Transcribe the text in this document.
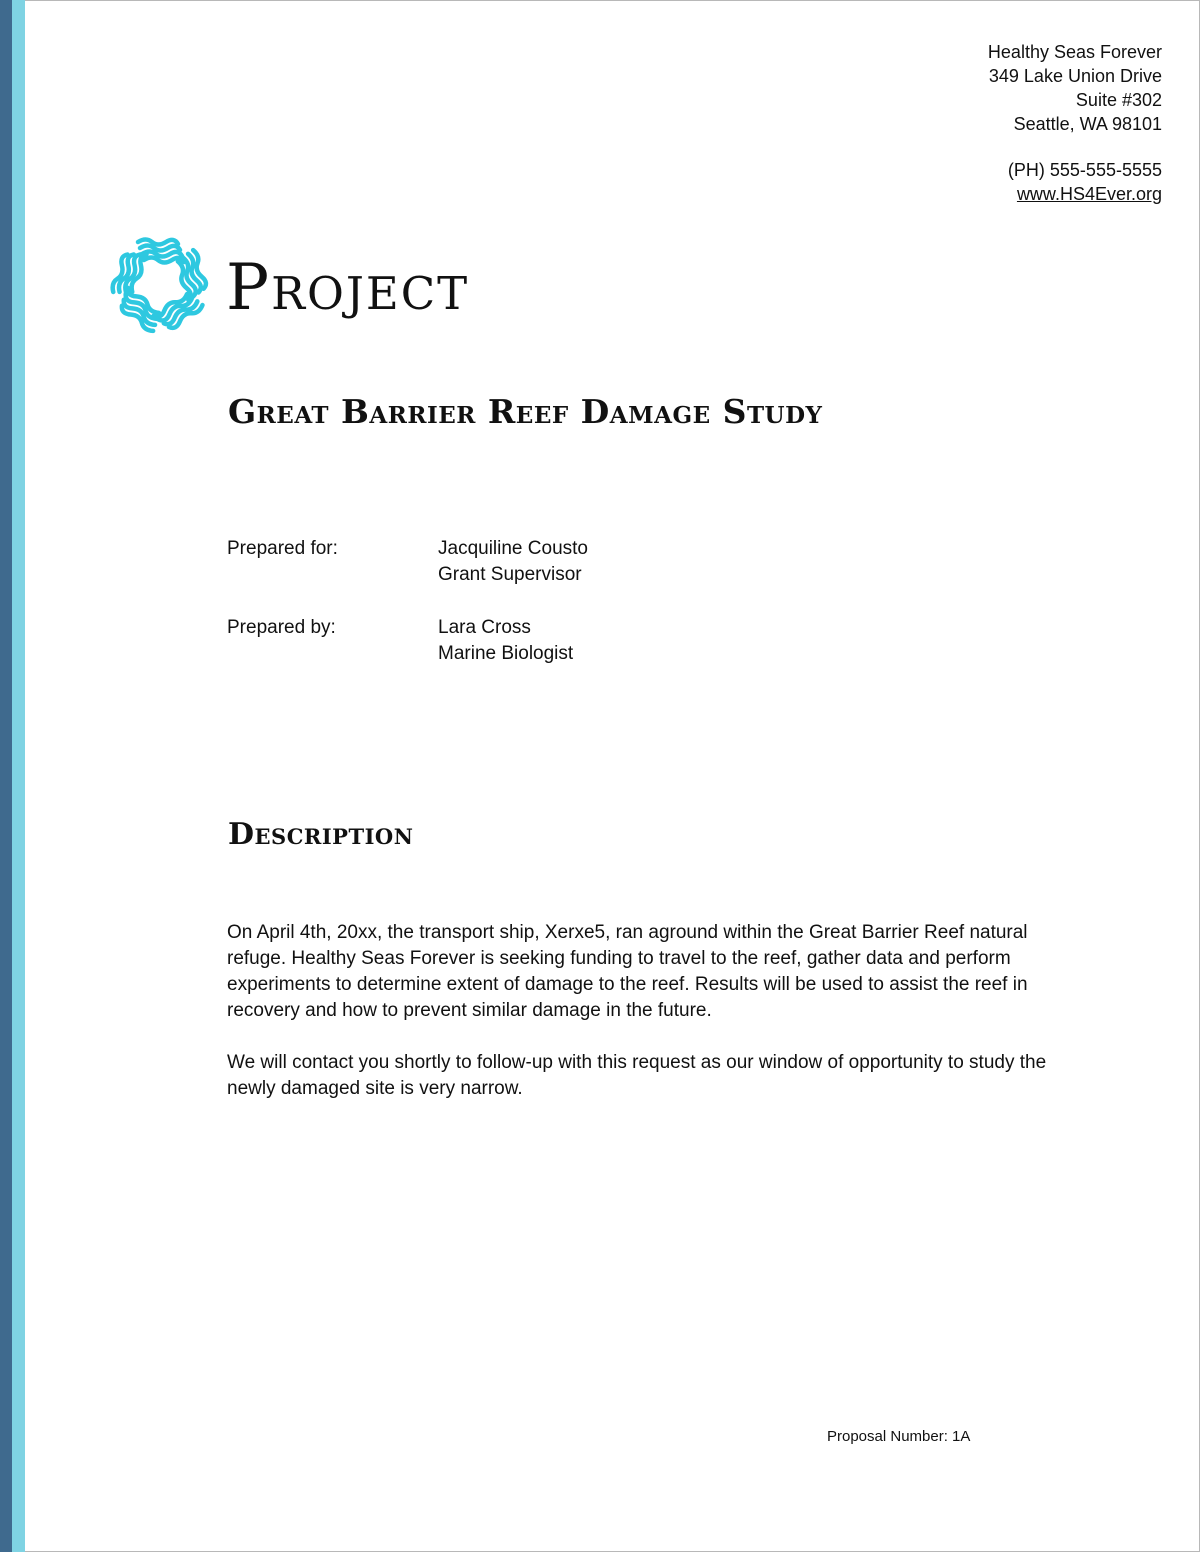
Healthy Seas Forever
349 Lake Union Drive
Suite #302
Seattle, WA 98101
(PH) 555-555-5555
www.HS4Ever.org
Project
Great Barrier Reef Damage Study
Prepared for:	Jacquiline Cousto
Grant Supervisor
Prepared by:	Lara Cross
Marine Biologist
Description

On April 4th, 20xx, the transport ship, Xerxe5, ran aground within the Great Barrier Reef natural refuge. Healthy Seas Forever is seeking funding to travel to the reef, gather data and perform experiments to determine extent of damage to the reef. Results will be used to assist the reef in recovery and how to prevent similar damage in the future.

We will contact you shortly to follow-up with this request as our window of opportunity to study the newly damaged site is very narrow.

Proposal Number: 1A
